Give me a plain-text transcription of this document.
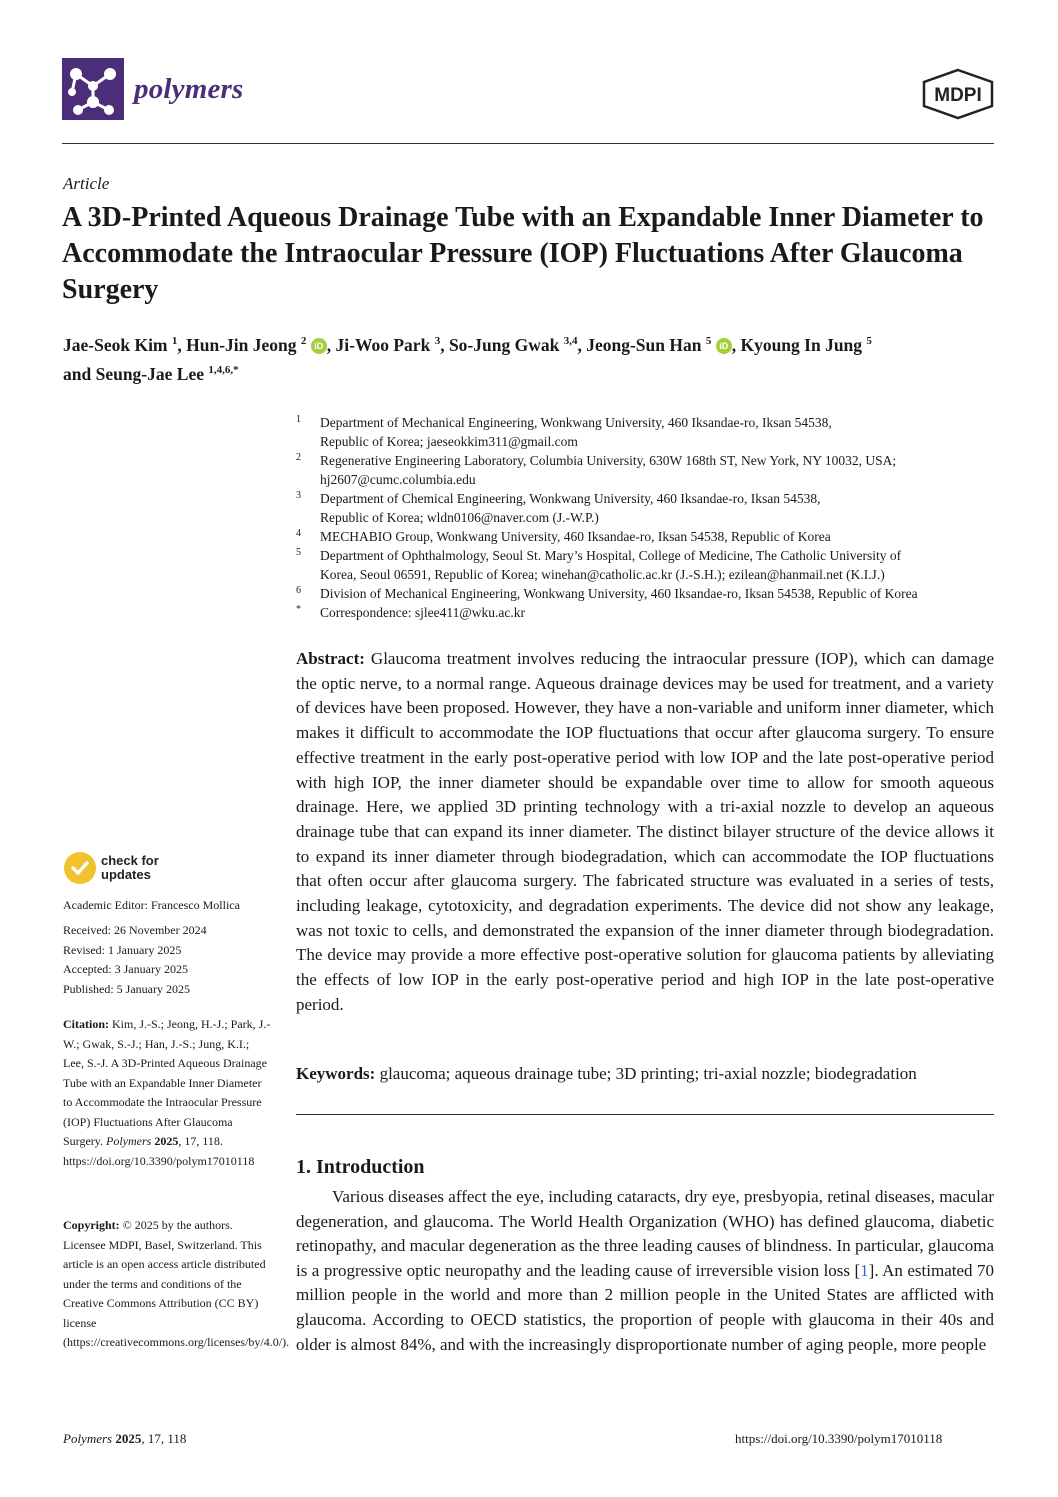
polymers	MDPI
Article
A 3D-Printed Aqueous Drainage Tube with an Expandable Inner Diameter to Accommodate the Intraocular Pressure (IOP) Fluctuations After Glaucoma Surgery
Jae-Seok Kim $^1$, Hun-Jin Jeong $^2$ iD , Ji-Woo Park $^3$, So-Jung Gwak $^{3,4}$, Jeong-Sun Han $^5$ iD , Kyoung In Jung $^5$
and Seung-Jae Lee $^{1,4,6,*}$
1 Department of Mechanical Engineering, Wonkwang University, 460 Iksandae-ro, Iksan 54538,
Republic of Korea; jaeseokkim311@gmail.com
2 Regenerative Engineering Laboratory, Columbia University, 630W 168th ST, New York, NY 10032, USA;
hj2607@cumc.columbia.edu
3 Department of Chemical Engineering, Wonkwang University, 460 Iksandae-ro, Iksan 54538,
Republic of Korea; wldn0106@naver.com (J.-W.P.)
4 MECHABIO Group, Wonkwang University, 460 Iksandae-ro, Iksan 54538, Republic of Korea
5 Department of Ophthalmology, Seoul St. Mary’s Hospital, College of Medicine, The Catholic University of
Korea, Seoul 06591, Republic of Korea; winehan@catholic.ac.kr (J.-S.H.); ezilean@hanmail.net (K.I.J.)
6 Division of Mechanical Engineering, Wonkwang University, 460 Iksandae-ro, Iksan 54538, Republic of Korea
* Correspondence: sjlee411@wku.ac.kr
Abstract: Glaucoma treatment involves reducing the intraocular pressure (IOP), which can damage the optic nerve, to a normal range. Aqueous drainage devices may be used for treatment, and a variety of devices have been proposed. However, they have a non-variable and uniform inner diameter, which makes it difficult to accommodate the IOP fluctuations that occur after glaucoma surgery. To ensure effective treatment in the early post-operative period with low IOP and the late post-operative period with high IOP, the inner diameter should be expandable over time to allow for smooth aqueous drainage. Here, we applied 3D printing technology with a tri-axial nozzle to develop an aqueous drainage tube that can expand its inner diameter. The distinct bilayer structure of the device allows it to expand its inner diameter through biodegradation, which can accommodate the IOP fluctuations that often occur after glaucoma surgery. The fabricated structure was evaluated in a series of tests, including leakage, cytotoxicity, and degradation experiments. The device did not show any leakage, was not toxic to cells, and demonstrated the expansion of the inner diameter through biodegradation. The device may provide a more effective post-operative solution for glaucoma patients by alleviating the effects of low IOP in the early post-operative period and high IOP in the late post-operative period.
Keywords: glaucoma; aqueous drainage tube; 3D printing; tri-axial nozzle; biodegradation
1. Introduction
Various diseases affect the eye, including cataracts, dry eye, presbyopia, retinal diseases, macular degeneration, and glaucoma. The World Health Organization (WHO) has defined glaucoma, diabetic retinopathy, and macular degeneration as the three leading causes of blindness. In particular, glaucoma is a progressive optic neuropathy and the leading cause of irreversible vision loss [1]. An estimated 70 million people in the world and more than 2 million people in the United States are afflicted with glaucoma. According to OECD statistics, the proportion of people with glaucoma in their 40s and older is almost 84%, and with the increasingly disproportionate number of aging people, more people
check for
updates
Academic Editor: Francesco Mollica
Received: 26 November 2024
Revised: 1 January 2025
Accepted: 3 January 2025
Published: 5 January 2025
Citation: Kim, J.-S.; Jeong, H.-J.; Park, J.-W.; Gwak, S.-J.; Han, J.-S.; Jung, K.I.; Lee, S.-J. A 3D-Printed Aqueous Drainage Tube with an Expandable Inner Diameter to Accommodate the Intraocular Pressure (IOP) Fluctuations After Glaucoma Surgery. Polymers 2025, 17, 118. https://doi.org/10.3390/polym17010118
Copyright: © 2025 by the authors. Licensee MDPI, Basel, Switzerland. This article is an open access article distributed under the terms and conditions of the Creative Commons Attribution (CC BY) license (https://creativecommons.org/licenses/by/4.0/).
Polymers 2025, 17, 118	https://doi.org/10.3390/polym17010118
